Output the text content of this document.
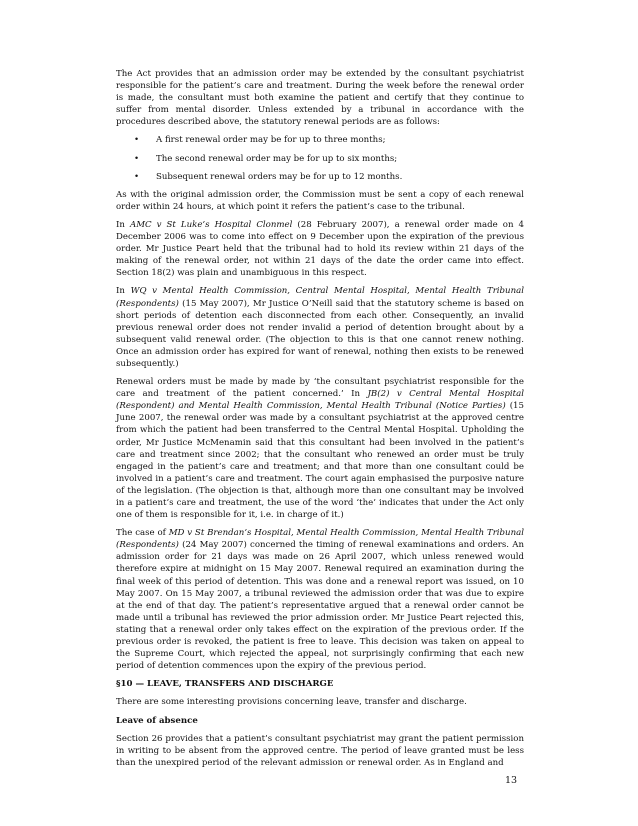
The Act provides that an admission order may be extended by the consultant psychiatrist responsible for the patient’s care and treatment. During the week before the renewal order is made, the consultant must both examine the patient and certify that they continue to suffer from mental disorder. Unless extended by a tribunal in accordance with the procedures described above, the statutory renewal periods are as follows:

• A first renewal order may be for up to three months;
• The second renewal order may be for up to six months;
• Subsequent renewal orders may be for up to 12 months.

As with the original admission order, the Commission must be sent a copy of each renewal order within 24 hours, at which point it refers the patient’s case to the tribunal.

In AMC v St Luke’s Hospital Clonmel (28 February 2007), a renewal order made on 4 December 2006 was to come into effect on 9 December upon the expiration of the previous order. Mr Justice Peart held that the tribunal had to hold its review within 21 days of the making of the renewal order, not within 21 days of the date the order came into effect. Section 18(2) was plain and unambiguous in this respect.

In WQ v Mental Health Commission, Central Mental Hospital, Mental Health Tribunal (Respondents) (15 May 2007), Mr Justice O’Neill said that the statutory scheme is based on short periods of detention each disconnected from each other. Consequently, an invalid previous renewal order does not render invalid a period of detention brought about by a subsequent valid renewal order. (The objection to this is that one cannot renew nothing. Once an admission order has expired for want of renewal, nothing then exists to be renewed subsequently.)

Renewal orders must be made by made by ‘the consultant psychiatrist responsible for the care and treatment of the patient concerned.’ In JB(2) v Central Mental Hospital (Respondent) and Mental Health Commission, Mental Health Tribunal (Notice Parties) (15 June 2007, the renewal order was made by a consultant psychiatrist at the approved centre from which the patient had been transferred to the Central Mental Hospital. Upholding the order, Mr Justice McMenamin said that this consultant had been involved in the patient’s care and treatment since 2002; that the consultant who renewed an order must be truly engaged in the patient’s care and treatment; and that more than one consultant could be involved in a patient’s care and treatment. The court again emphasised the purposive nature of the legislation. (The objection is that, although more than one consultant may be involved in a patient’s care and treatment, the use of the word ‘the’ indicates that under the Act only one of them is responsible for it, i.e. in charge of it.)

The case of MD v St Brendan’s Hospital, Mental Health Commission, Mental Health Tribunal (Respondents) (24 May 2007) concerned the timing of renewal examinations and orders. An admission order for 21 days was made on 26 April 2007, which unless renewed would therefore expire at midnight on 15 May 2007. Renewal required an examination during the final week of this period of detention. This was done and a renewal report was issued, on 10 May 2007. On 15 May 2007, a tribunal reviewed the admission order that was due to expire at the end of that day. The patient’s representative argued that a renewal order cannot be made until a tribunal has reviewed the prior admission order. Mr Justice Peart rejected this, stating that a renewal order only takes effect on the expiration of the previous order. If the previous order is revoked, the patient is free to leave. This decision was taken on appeal to the Supreme Court, which rejected the appeal, not surprisingly confirming that each new period of detention commences upon the expiry of the previous period.

§10 — LEAVE, TRANSFERS AND DISCHARGE

There are some interesting provisions concerning leave, transfer and discharge.

Leave of absence

Section 26 provides that a patient’s consultant psychiatrist may grant the patient permission in writing to be absent from the approved centre. The period of leave granted must be less than the unexpired period of the relevant admission or renewal order. As in England and

13
